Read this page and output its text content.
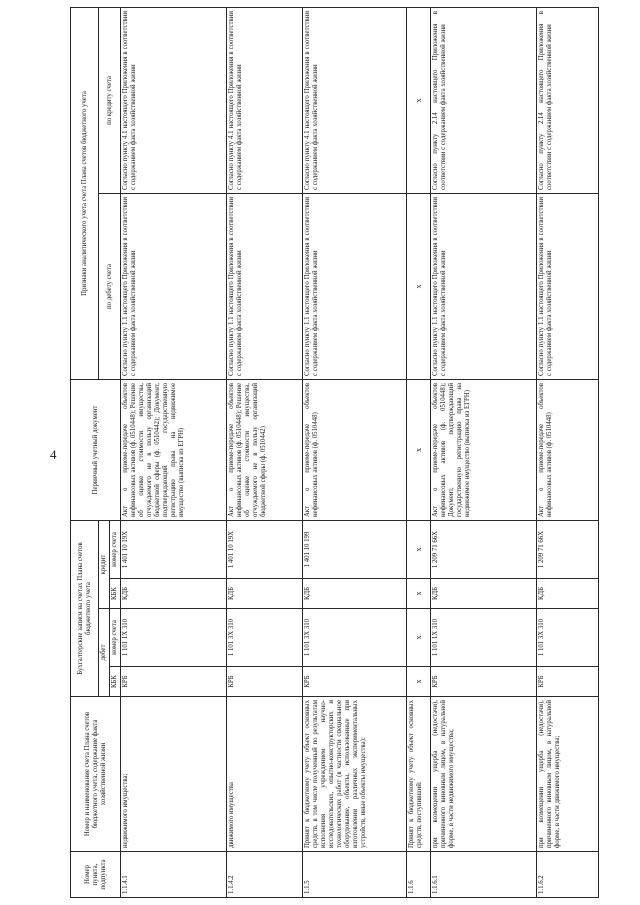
4
Номер пункта, подпункта	Номер и наименование счета Плана счетов бюджетного учета, содержание факта хозяйственной жизни	Бухгалтерские записи на счетах Плана счетов бюджетного учета				Первичный учетный документ	Признаки аналитического учета счета Плана счетов бюджетного учета	
		дебет		кредит			по дебету счета	по кредиту счета
		КБК	номер счета	КБК	номер счета			
1.1.4.1	недвижимого имущества;	КРБ	1 101 1Х 310	КДБ	1 401 10 19Х	Акт о приеме-передаче объектов нефинансовых активов (ф. 0510448); Решение об оценке стоимости имущества, отчуждаемого не в пользу организаций бюджетной сферы (ф. 0510442); Документ, подтверждающий государственную регистрацию права на недвижимое имущество (выписка из ЕГРН)	Согласно пункту 1.1 настоящего Приложения в соответствии с содержанием факта хозяйственной жизни	Согласно пункту 4.1 настоящего Приложения в соответствии с содержанием факта хозяйственной жизни
1.1.4.2	движимого имущества	КРБ	1 101 3Х 310	КДБ	1 401 10 19Х	Акт о приеме-передаче объектов нефинансовых активов (ф. 0510448); Решение об оценке стоимости имущества, отчуждаемого не в пользу организаций бюджетной сферы (ф. 0510442)	Согласно пункту 1.1 настоящего Приложения в соответствии с содержанием факта хозяйственной жизни	Согласно пункту 4.1 настоящего Приложения в соответствии с содержанием факта хозяйственной жизни
1.1.5	Принят к бюджетному учету объект основных средств, в том числе полученный по результатам исполнения учреждением научно-исследовательских, опытно-конструкторских и технологических работ (в частности специальное оборудование, объекты, использованные при изготовлении различных экспериментальных устройств, иные объекты имущества):	КРБ	1 101 3Х 310	КДБ	1 401 10 199	Акт о приеме-передаче объектов нефинансовых активов (ф. 0510448)	Согласно пункту 1.1 настоящего Приложения в соответствии с содержанием факта хозяйственной жизни	Согласно пункту 4.1 настоящего Приложения в соответствии с содержанием факта хозяйственной жизни
1.1.6	Принят к бюджетному учету объект основных средств, поступивший:	х	х	х	х	х	х	х
1.1.6.1	при возмещении ущерба (недостачи), причиненного виновным лицом, в натуральной форме, в части недвижимого имущества;	КРБ	1 101 1Х 310	КДБ	1 209 71 66Х	Акт о приеме-передаче объектов нефинансовых активов (ф. 0510448); Документ, подтверждающий государственную регистрацию права на недвижимое имущество (выписка из ЕГРН)	Согласно пункту 1.1 настоящего Приложения в соответствии с содержанием факта хозяйственной жизни	Согласно пункту 2.14 настоящего Приложения в соответствии с содержанием факта хозяйственной жизни
1.1.6.2	при возмещении ущерба (недостачи), причиненного виновным лицом, в натуральной форме, в части движимого имущества;	КРБ	1 101 3Х 310	КДБ	1 209 71 66Х	Акт о приеме-передаче объектов нефинансовых активов (ф. 0510448)	Согласно пункту 1.1 настоящего Приложения в соответствии с содержанием факта хозяйственной жизни	Согласно пункту 2.14 настоящего Приложения в соответствии с содержанием факта хозяйственной жизни
